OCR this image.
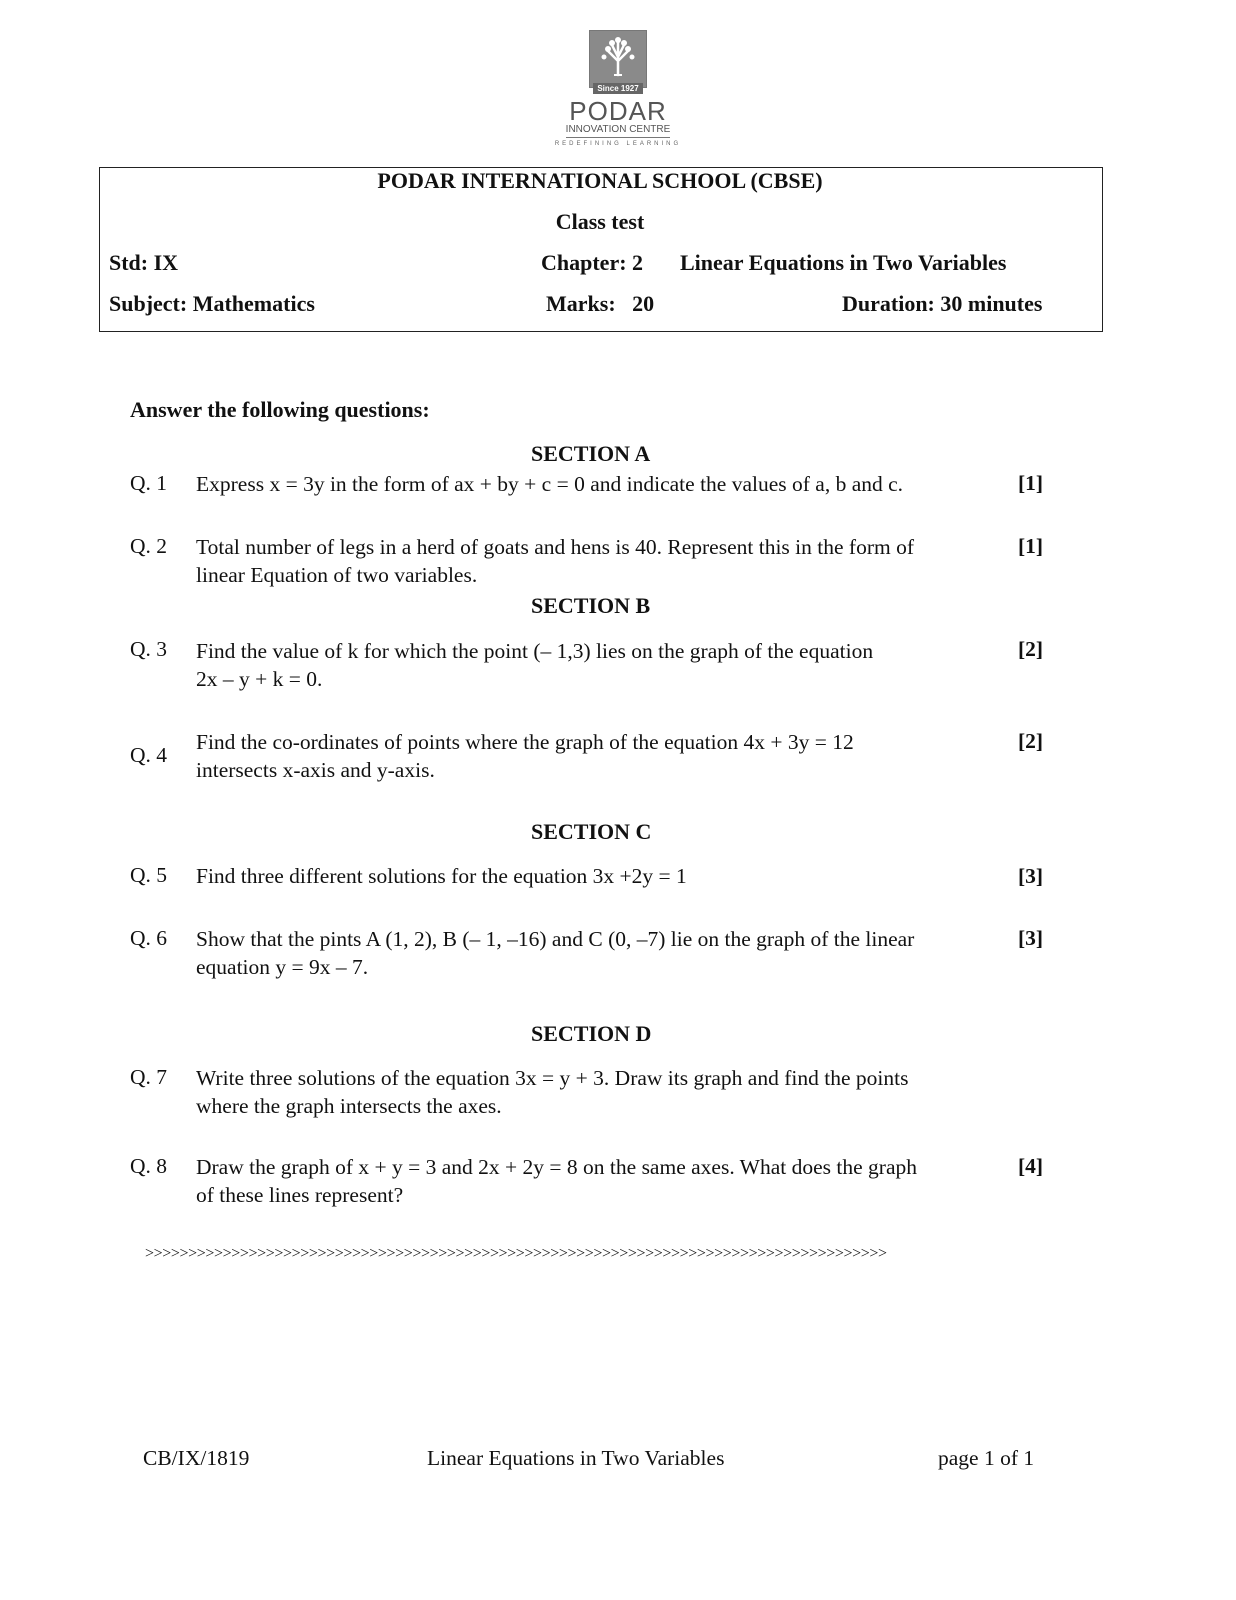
Since 1927
PODAR
INNOVATION CENTRE
REDEFINING LEARNING
PODAR INTERNATIONAL SCHOOL (CBSE)
Class test
Std: IX	Chapter: 2 Linear Equations in Two Variables
Subject: Mathematics	Marks:   20	Duration: 30 minutes
Answer the following questions:
SECTION A
Q. 1 Express x = 3y in the form of ax + by + c = 0 and indicate the values of a, b and c.	[1]
Q. 2 Total number of legs in a herd of goats and hens is 40. Represent this in the form of
linear Equation of two variables.
[1]
SECTION B
Q. 3 Find the value of k for which the point (– 1,3) lies on the graph of the equation
2x – y + k = 0.
[2]
Q. 4
Find the co-ordinates of points where the graph of the equation 4x + 3y = 12
intersects x-axis and y-axis.
[2]
SECTION C
Q. 5 Find three different solutions for the equation 3x +2y = 1	[3]
Q. 6 Show that the pints A (1, 2), B (– 1, –16) and C (0, –7) lie on the graph of the linear
equation y = 9x – 7.
[3]
SECTION D
Q. 7 Write three solutions of the equation 3x = y + 3. Draw its graph and find the points
where the graph intersects the axes.
Q. 8 Draw the graph of x + y = 3 and 2x + 2y = 8 on the same axes. What does the graph
of these lines represent?
[4]
>>>>>>>>>>>>>>>>>>>>>>>>>>>>>>>>>>>>>>>>>>>>>>>>>>>>>>>>>>>>>>>>>>>>>>>>>>>>>>>>>>>>>>
CB/IX/1819	Linear Equations in Two Variables	page 1 of 1
